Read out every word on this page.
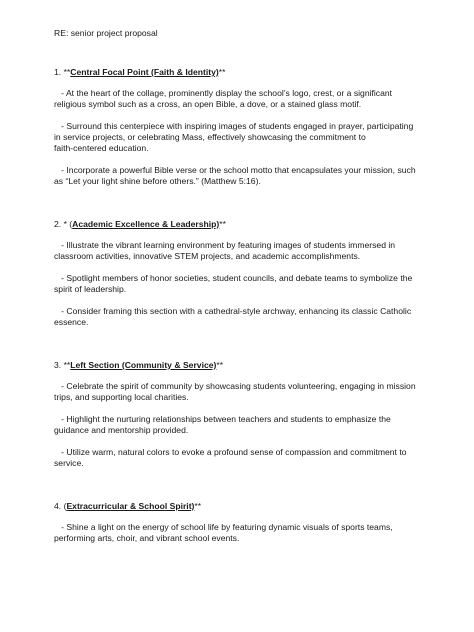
RE: senior project proposal
1. **Central Focal Point (Faith & Identity)**
- At the heart of the collage, prominently display the school’s logo, crest, or a significant
religious symbol such as a cross, an open Bible, a dove, or a stained glass motif.
- Surround this centerpiece with inspiring images of students engaged in prayer, participating
in service projects, or celebrating Mass, effectively showcasing the commitment to
faith-centered education.
- Incorporate a powerful Bible verse or the school motto that encapsulates your mission, such
as “Let your light shine before others.” (Matthew 5:16).
2. * (Academic Excellence & Leadership)**
- Illustrate the vibrant learning environment by featuring images of students immersed in
classroom activities, innovative STEM projects, and academic accomplishments.
- Spotlight members of honor societies, student councils, and debate teams to symbolize the
spirit of leadership.
- Consider framing this section with a cathedral-style archway, enhancing its classic Catholic
essence.
3. **Left Section (Community & Service)**
- Celebrate the spirit of community by showcasing students volunteering, engaging in mission
trips, and supporting local charities.
- Highlight the nurturing relationships between teachers and students to emphasize the
guidance and mentorship provided.
- Utilize warm, natural colors to evoke a profound sense of compassion and commitment to
service.
4. (Extracurricular & School Spirit)**
- Shine a light on the energy of school life by featuring dynamic visuals of sports teams,
performing arts, choir, and vibrant school events.
